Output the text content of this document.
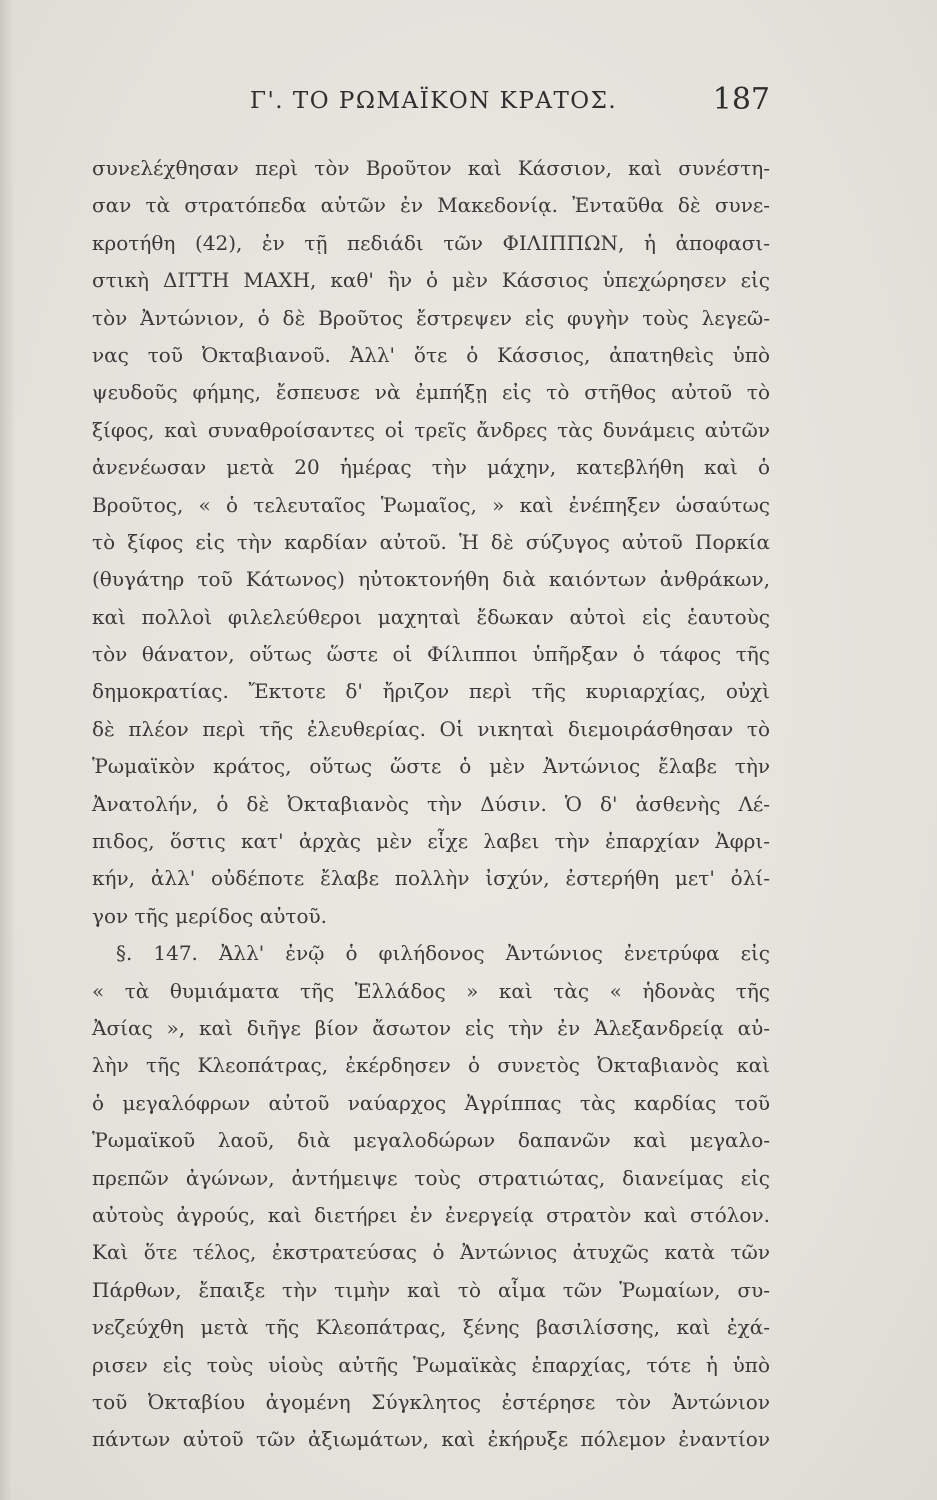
Γ'. ΤΟ ΡΩΜΑΪΚΟΝ ΚΡΑΤΟΣ.	187
συνελέχθησαν περὶ τὸν Βροῦτον καὶ Κάσσιον, καὶ συνέστη-
σαν τὰ στρατόπεδα αὐτῶν ἐν Μακεδονίᾳ. Ἐνταῦθα δὲ συνε-
κροτήθη (42), ἐν τῇ πεδιάδι τῶν ΦΙΛΙΠΠΩΝ, ἡ ἀποφασι-
στικὴ ΔΙΤΤΗ ΜΑΧΗ, καθ' ἣν ὁ μὲν Κάσσιος ὑπεχώρησεν εἰς
τὸν Ἀντώνιον, ὁ δὲ Βροῦτος ἔστρεψεν εἰς φυγὴν τοὺς λεγεῶ-
νας τοῦ Ὀκταβιανοῦ. Ἀλλ' ὅτε ὁ Κάσσιος, ἀπατηθεὶς ὑπὸ
ψευδοῦς φήμης, ἔσπευσε νὰ ἐμπήξῃ εἰς τὸ στῆθος αὐτοῦ τὸ
ξίφος, καὶ συναθροίσαντες οἱ τρεῖς ἄνδρες τὰς δυνάμεις αὐτῶν
ἀνενέωσαν μετὰ 20 ἡμέρας τὴν μάχην, κατεβλήθη καὶ ὁ
Βροῦτος, « ὁ τελευταῖος Ῥωμαῖος, » καὶ ἐνέπηξεν ὡσαύτως
τὸ ξίφος εἰς τὴν καρδίαν αὐτοῦ. Ἡ δὲ σύζυγος αὐτοῦ Πορκία
(θυγάτηρ τοῦ Κάτωνος) ηὐτοκτονήθη διὰ καιόντων ἀνθράκων,
καὶ πολλοὶ φιλελεύθεροι μαχηταὶ ἔδωκαν αὐτοὶ εἰς ἑαυτοὺς
τὸν θάνατον, οὕτως ὥστε οἱ Φίλιπποι ὑπῆρξαν ὁ τάφος τῆς
δημοκρατίας. Ἔκτοτε δ' ἤριζον περὶ τῆς κυριαρχίας, οὐχὶ
δὲ πλέον περὶ τῆς ἐλευθερίας. Οἱ νικηταὶ διεμοιράσθησαν τὸ
Ῥωμαϊκὸν κράτος, οὕτως ὥστε ὁ μὲν Ἀντώνιος ἔλαβε τὴν
Ἀνατολήν, ὁ δὲ Ὀκταβιανὸς τὴν Δύσιν. Ὁ δ' ἀσθενὴς Λέ-
πιδος, ὅστις κατ' ἀρχὰς μὲν εἶχε λαβει τὴν ἐπαρχίαν Ἀφρι-
κήν, ἀλλ' οὐδέποτε ἔλαβε πολλὴν ἰσχύν, ἐστερήθη μετ' ὀλί-
γον τῆς μερίδος αὐτοῦ.
§. 147. Ἀλλ' ἐνῷ ὁ φιλήδονος Ἀντώνιος ἐνετρύφα εἰς
« τὰ θυμιάματα τῆς Ἑλλάδος » καὶ τὰς « ἡδονὰς τῆς
Ἀσίας », καὶ διῆγε βίον ἄσωτον εἰς τὴν ἐν Ἀλεξανδρείᾳ αὐ-
λὴν τῆς Κλεοπάτρας, ἐκέρδησεν ὁ συνετὸς Ὀκταβιανὸς καὶ
ὁ μεγαλόφρων αὐτοῦ ναύαρχος Ἀγρίππας τὰς καρδίας τοῦ
Ῥωμαϊκοῦ λαοῦ, διὰ μεγαλοδώρων δαπανῶν καὶ μεγαλο-
πρεπῶν ἀγώνων, ἀντήμειψε τοὺς στρατιώτας, διανείμας εἰς
αὐτοὺς ἀγρούς, καὶ διετήρει ἐν ἐνεργείᾳ στρατὸν καὶ στόλον.
Καὶ ὅτε τέλος, ἐκστρατεύσας ὁ Ἀντώνιος ἀτυχῶς κατὰ τῶν
Πάρθων, ἔπαιξε τὴν τιμὴν καὶ τὸ αἷμα τῶν Ῥωμαίων, συ-
νεζεύχθη μετὰ τῆς Κλεοπάτρας, ξένης βασιλίσσης, καὶ ἐχά-
ρισεν εἰς τοὺς υἱοὺς αὐτῆς Ῥωμαϊκὰς ἐπαρχίας, τότε ἡ ὑπὸ
τοῦ Ὀκταβίου ἀγομένη Σύγκλητος ἐστέρησε τὸν Ἀντώνιον
πάντων αὐτοῦ τῶν ἀξιωμάτων, καὶ ἐκήρυξε πόλεμον ἐναντίον
